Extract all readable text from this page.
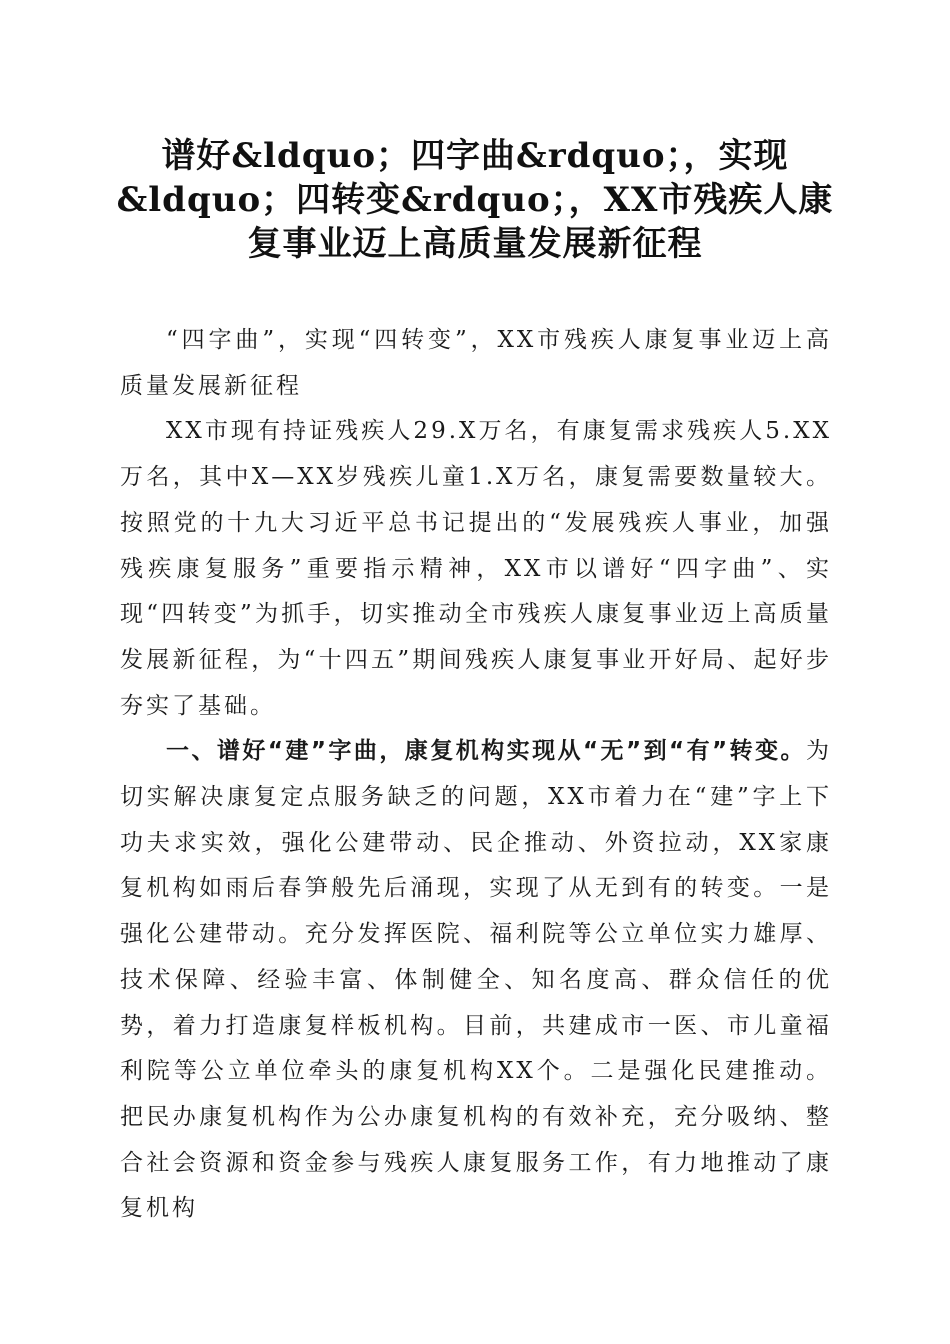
谱好&ldquo；四字曲&rdquo；，实现
&ldquo；四转变&rdquo；，XX市残疾人康
复事业迈上高质量发展新征程

“四字曲”，实现“四转变”，XX市残疾人康复事业迈上高质量发展新征程

XX市现有持证残疾人29.X万名，有康复需求残疾人5.XX万名，其中X—XX岁残疾儿童1.X万名，康复需要数量较大。按照党的十九大习近平总书记提出的“发展残疾人事业，加强残疾康复服务”重要指示精神，XX市以谱好“四字曲”、实现“四转变”为抓手，切实推动全市残疾人康复事业迈上高质量发展新征程，为“十四五”期间残疾人康复事业开好局、起好步夯实了基础。

一、谱好“建”字曲，康复机构实现从“无”到“有”转变。为切实解决康复定点服务缺乏的问题，XX市着力在“建”字上下功夫求实效，强化公建带动、民企推动、外资拉动，XX家康复机构如雨后春笋般先后涌现，实现了从无到有的转变。一是强化公建带动。充分发挥医院、福利院等公立单位实力雄厚、技术保障、经验丰富、体制健全、知名度高、群众信任的优势，着力打造康复样板机构。目前，共建成市一医、市儿童福利院等公立单位牵头的康复机构XX个。二是强化民建推动。把民办康复机构作为公办康复机构的有效补充，充分吸纳、整合社会资源和资金参与残疾人康复服务工作，有力地推动了康复机构
